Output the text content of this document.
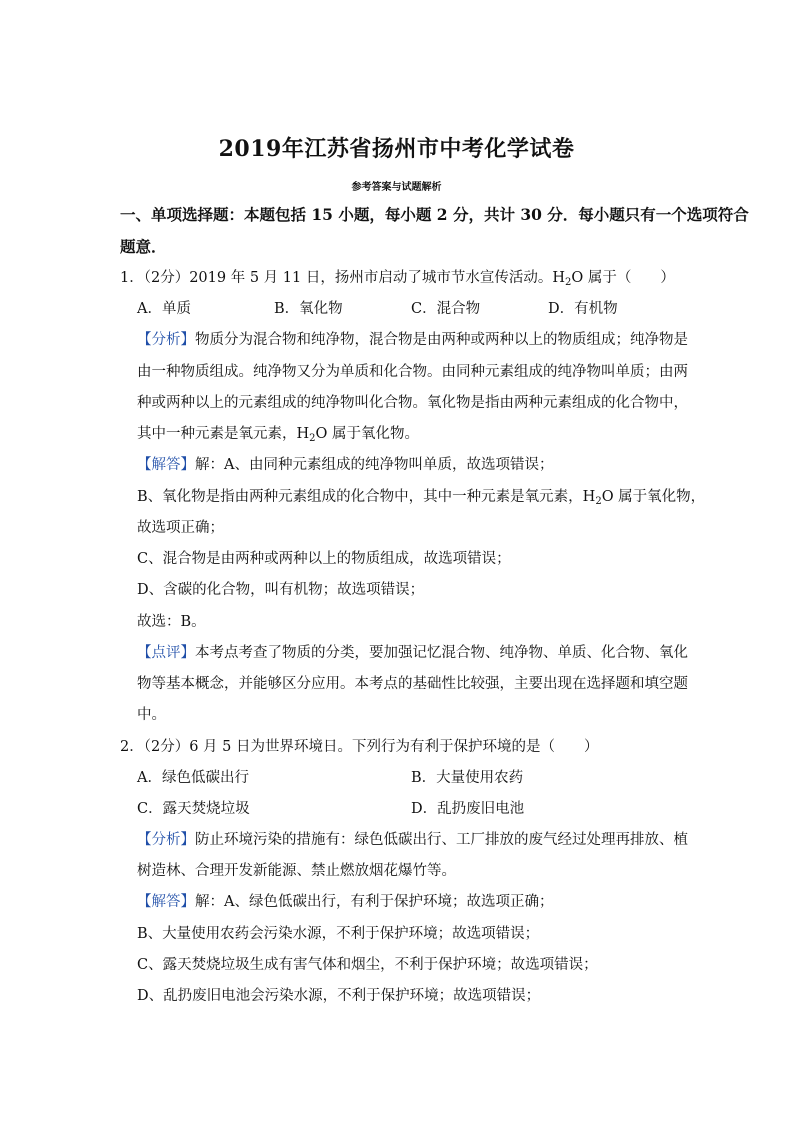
2019年江苏省扬州市中考化学试卷
参考答案与试题解析
一、单项选择题：本题包括 15 小题，每小题 2 分，共计 30 分．每小题只有一个选项符合
题意．
1．（2分）2019 年 5 月 11 日，扬州市启动了城市节水宣传活动。$H_2O$ 属于（　　）
A．单质	B．氧化物	C．混合物	D．有机物
【分析】物质分为混合物和纯净物，混合物是由两种或两种以上的物质组成；纯净物是
由一种物质组成。纯净物又分为单质和化合物。由同种元素组成的纯净物叫单质；由两
种或两种以上的元素组成的纯净物叫化合物。氧化物是指由两种元素组成的化合物中，
其中一种元素是氧元素，$H_2O$ 属于氧化物。
【解答】解：A、由同种元素组成的纯净物叫单质，故选项错误；
B、氧化物是指由两种元素组成的化合物中，其中一种元素是氧元素，$H_2O$ 属于氧化物，
故选项正确；
C、混合物是由两种或两种以上的物质组成，故选项错误；
D、含碳的化合物，叫有机物；故选项错误；
故选：B。
【点评】本考点考查了物质的分类，要加强记忆混合物、纯净物、单质、化合物、氧化
物等基本概念，并能够区分应用。本考点的基础性比较强，主要出现在选择题和填空题
中。
2．（2分）6 月 5 日为世界环境日。下列行为有利于保护环境的是（　　）
A．绿色低碳出行	B．大量使用农药
C．露天焚烧垃圾	D．乱扔废旧电池
【分析】防止环境污染的措施有：绿色低碳出行、工厂排放的废气经过处理再排放、植
树造林、合理开发新能源、禁止燃放烟花爆竹等。
【解答】解：A、绿色低碳出行，有利于保护环境；故选项正确；
B、大量使用农药会污染水源，不利于保护环境；故选项错误；
C、露天焚烧垃圾生成有害气体和烟尘，不利于保护环境；故选项错误；
D、乱扔废旧电池会污染水源，不利于保护环境；故选项错误；
